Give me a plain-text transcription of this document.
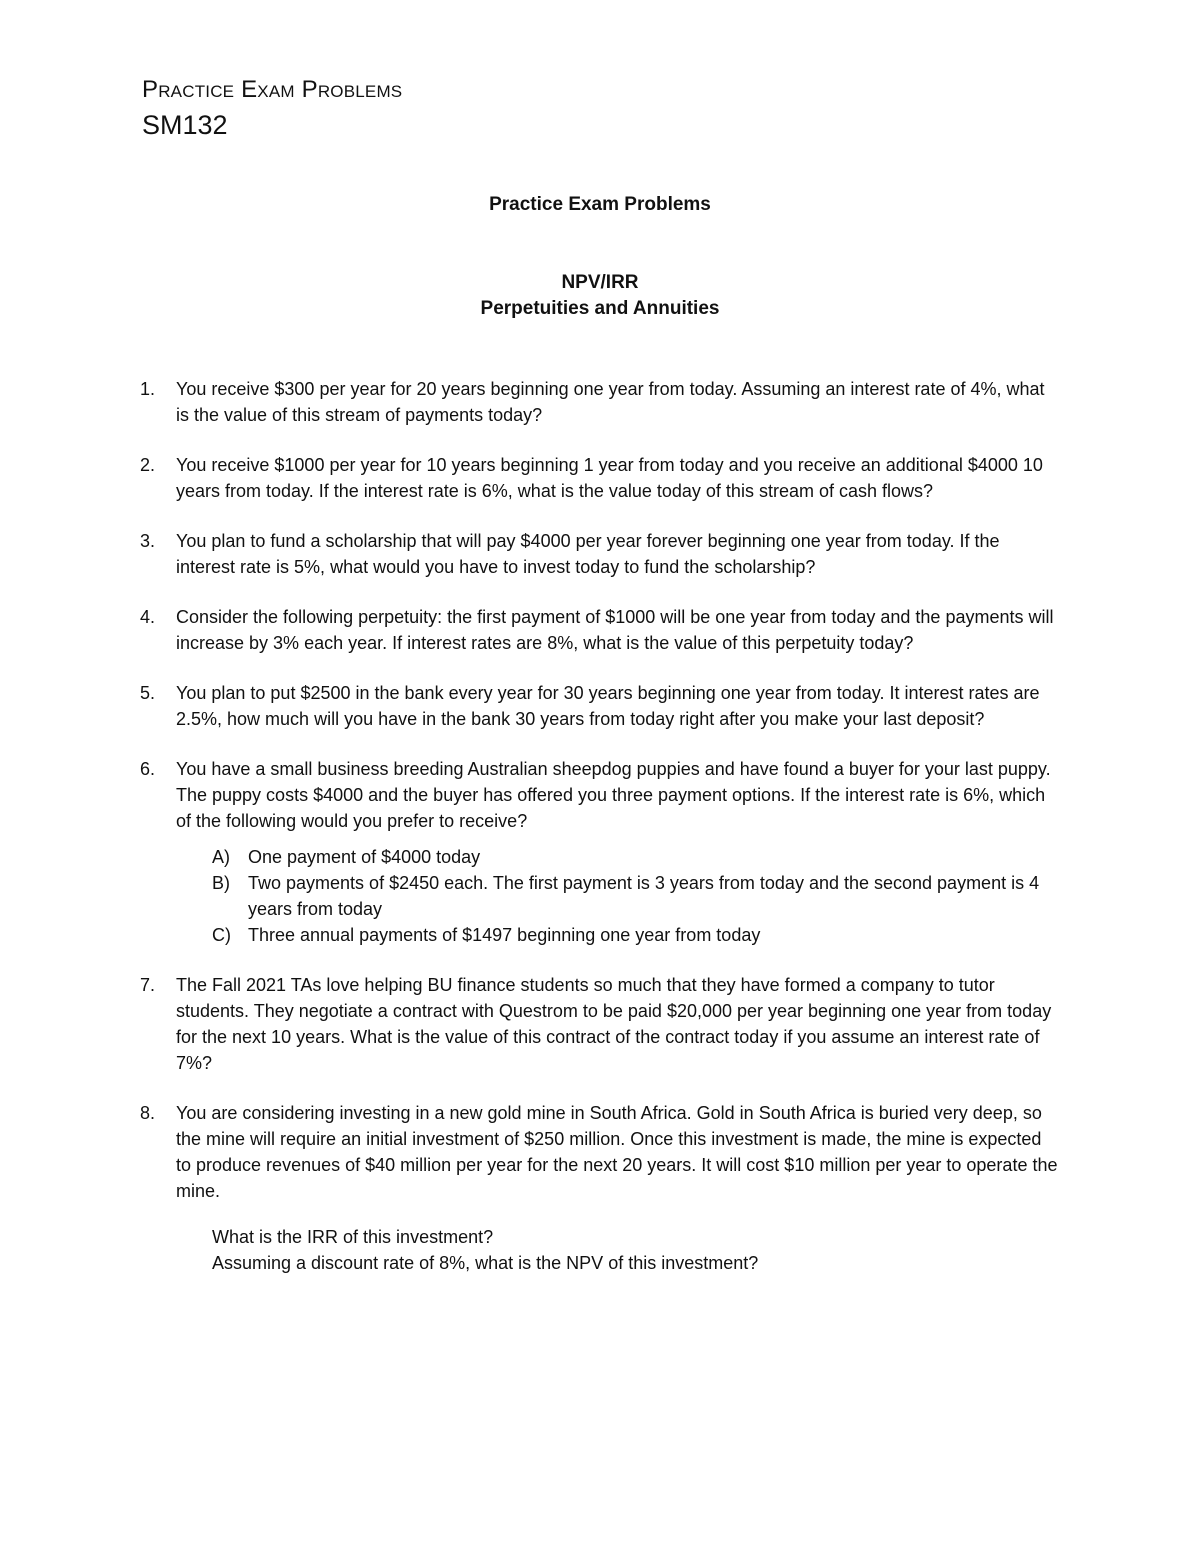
Practice Exam Problems
SM132
Practice Exam Problems
NPV/IRR
Perpetuities and Annuities
1. You receive $300 per year for 20 years beginning one year from today. Assuming an interest rate of 4%, what is the value of this stream of payments today?
2. You receive $1000 per year for 10 years beginning 1 year from today and you receive an additional $4000 10 years from today. If the interest rate is 6%, what is the value today of this stream of cash flows?
3. You plan to fund a scholarship that will pay $4000 per year forever beginning one year from today. If the interest rate is 5%, what would you have to invest today to fund the scholarship?
4. Consider the following perpetuity: the first payment of $1000 will be one year from today and the payments will increase by 3% each year. If interest rates are 8%, what is the value of this perpetuity today?
5. You plan to put $2500 in the bank every year for 30 years beginning one year from today. It interest rates are 2.5%, how much will you have in the bank 30 years from today right after you make your last deposit?
6. You have a small business breeding Australian sheepdog puppies and have found a buyer for your last puppy. The puppy costs $4000 and the buyer has offered you three payment options. If the interest rate is 6%, which of the following would you prefer to receive?
A) One payment of $4000 today
B) Two payments of $2450 each. The first payment is 3 years from today and the second payment is 4 years from today
C) Three annual payments of $1497 beginning one year from today
7. The Fall 2021 TAs love helping BU finance students so much that they have formed a company to tutor students. They negotiate a contract with Questrom to be paid $20,000 per year beginning one year from today for the next 10 years. What is the value of this contract of the contract today if you assume an interest rate of 7%?
8. You are considering investing in a new gold mine in South Africa. Gold in South Africa is buried very deep, so the mine will require an initial investment of $250 million. Once this investment is made, the mine is expected to produce revenues of $40 million per year for the next 20 years. It will cost $10 million per year to operate the mine.
What is the IRR of this investment?
Assuming a discount rate of 8%, what is the NPV of this investment?
